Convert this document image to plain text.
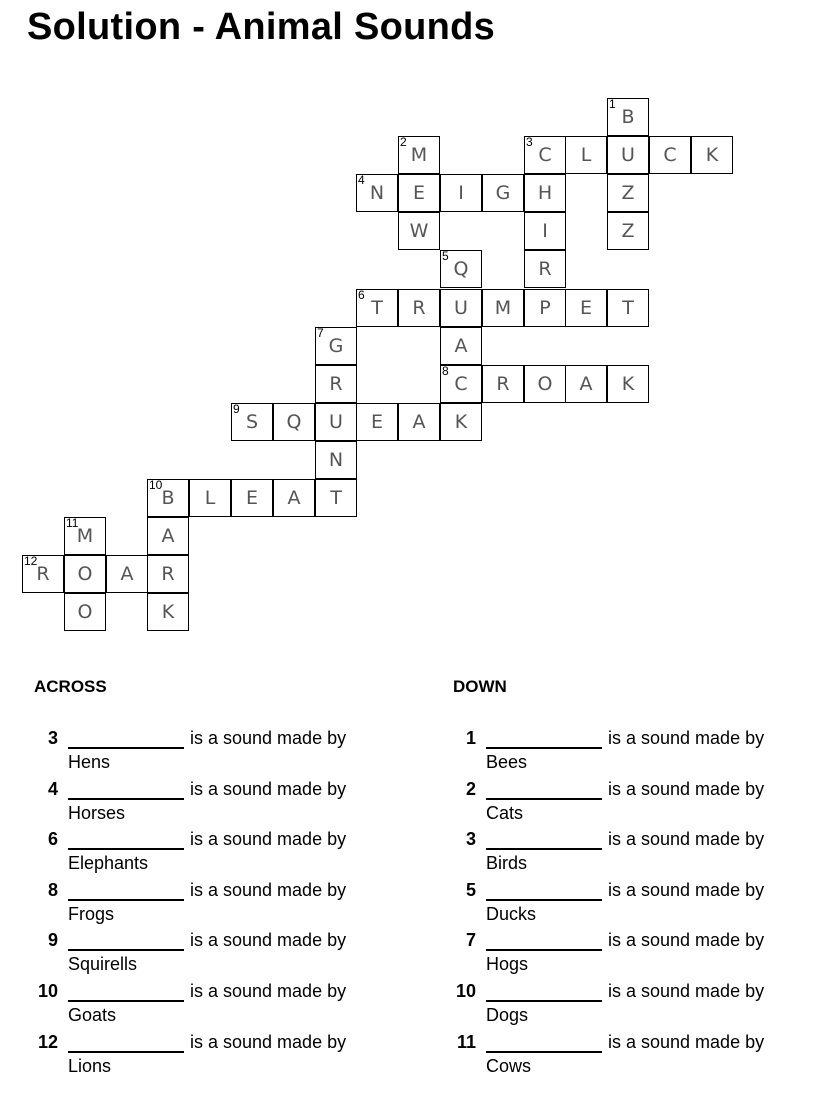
Solution - Animal Sounds
1
B
2
M
3
C	L	U	C	K
4
N	E	I	G	H	Z
W	I	Z
5
Q	R
6
T	R	U	M	P	E	T
7
G	A
R
8
C	R	O	A	K
9
S	Q	U	E	A	K
N
10
B	L	E	A	T
11
M	A
12
R	O	A	R
O	K
ACROSS	DOWN
3	is a sound made by
Hens
4	is a sound made by
Horses
6	is a sound made by
Elephants
8	is a sound made by
Frogs
9	is a sound made by
Squirells
10	is a sound made by
Goats
12	is a sound made by
Lions
1	is a sound made by
Bees
2	is a sound made by
Cats
3	is a sound made by
Birds
5	is a sound made by
Ducks
7	is a sound made by
Hogs
10	is a sound made by
Dogs
11	is a sound made by
Cows
